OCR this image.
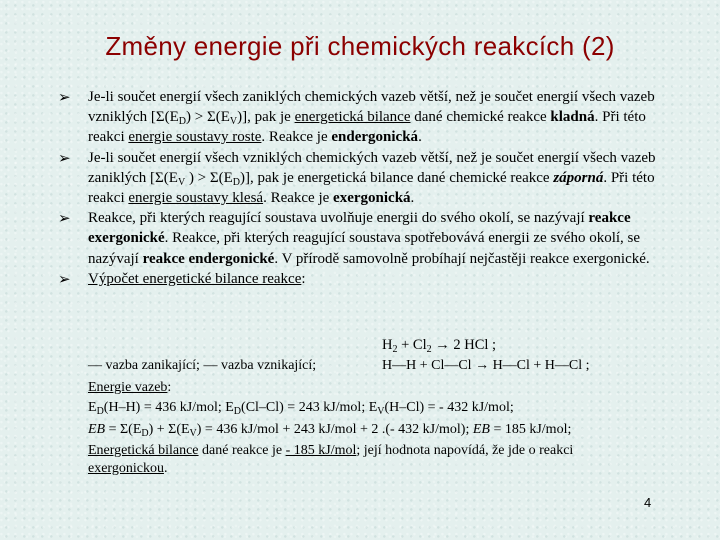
Změny energie při chemických reakcích (2)

➢ Je-li součet energií všech zaniklých chemických vazeb větší, než je součet energií všech vazeb vzniklých $[\Sigma(E_D) > \Sigma(E_V)]$, pak je energetická bilance dané chemické reakce kladná. Při této reakci energie soustavy roste. Reakce je endergonická.

➢ Je-li součet energií všech vzniklých chemických vazeb větší, než je součet energií všech vazeb zaniklých [$\Sigma(E_V$ ) > $\Sigma(E_D)$], pak je energetická bilance dané chemické reakce záporná. Při této reakci energie soustavy klesá. Reakce je exergonická.

➢ Reakce, při kterých reagující soustava uvolňuje energii do svého okolí, se nazývají reakce exergonické. Reakce, při kterých reagující soustava spotřebovává energii ze svého okolí, se nazývají reakce endergonické. V přírodě samovolně probíhají nejčastěji reakce exergonické.

➢ Výpočet energetické bilance reakce:

$H_2 + Cl_2 \to 2$ HCl ;
— vazba zanikající; — vazba vznikající;	H—H + Cl—Cl → H—Cl + H—Cl ;
Energie vazeb:
$E_D(H-H) = 436$ kJ/mol; $E_D(Cl-Cl) = 243$ kJ/mol; $E_V(H-Cl)$ = - 432 kJ/mol;
EB = $\Sigma(E_D) + \Sigma(E_V) = 436$ kJ/mol + 243 kJ/mol + 2 .(- 432 kJ/mol); EB = 185 kJ/mol;
Energetická bilance dané reakce je - 185 kJ/mol; její hodnota napovídá, že jde o reakci
exergonickou.
4
